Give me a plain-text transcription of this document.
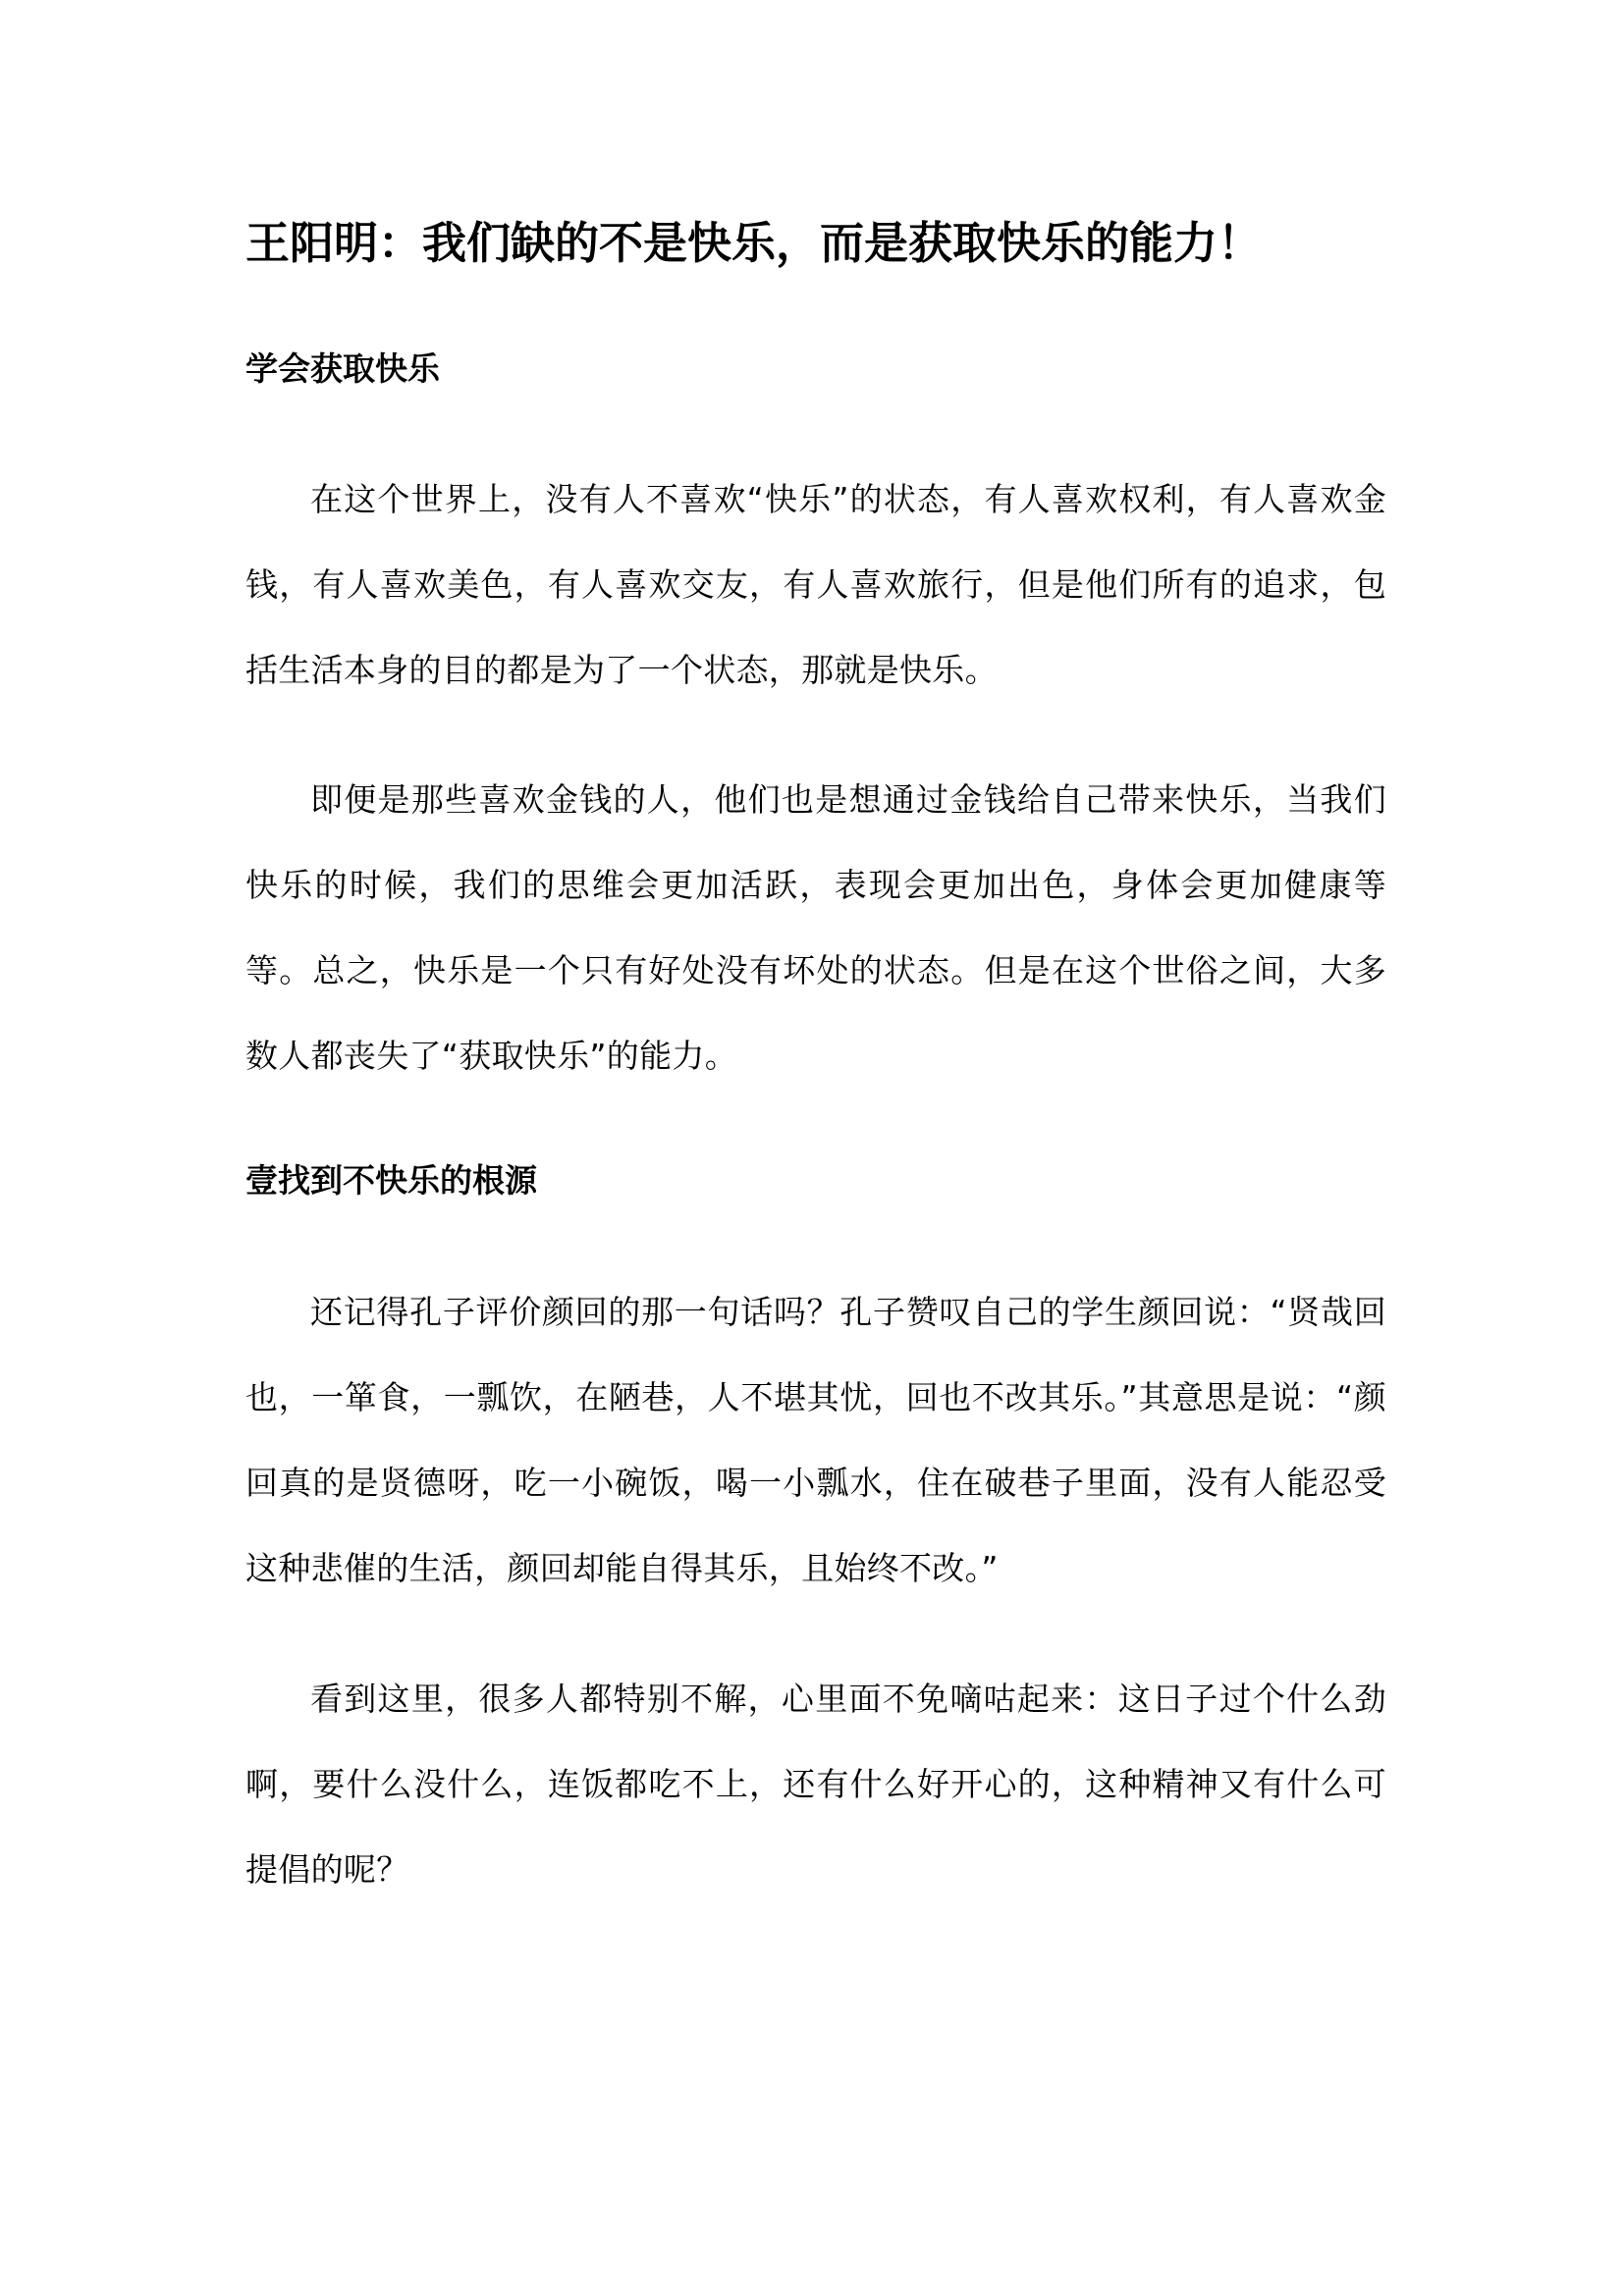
王阳明：我们缺的不是快乐，而是获取快乐的能力！
学会获取快乐

在这个世界上，没有人不喜欢“快乐”的状态，有人喜欢权利，有人喜欢金钱，有人喜欢美色，有人喜欢交友，有人喜欢旅行，但是他们所有的追求，包括生活本身的目的都是为了一个状态，那就是快乐。

即便是那些喜欢金钱的人，他们也是想通过金钱给自己带来快乐，当我们快乐的时候，我们的思维会更加活跃，表现会更加出色，身体会更加健康等等。总之，快乐是一个只有好处没有坏处的状态。但是在这个世俗之间，大多数人都丧失了“获取快乐”的能力。

壹找到不快乐的根源

还记得孔子评价颜回的那一句话吗？孔子赞叹自己的学生颜回说：“贤哉回也，一箪食，一瓢饮，在陋巷，人不堪其忧，回也不改其乐。”其意思是说：“颜回真的是贤德呀，吃一小碗饭，喝一小瓢水，住在破巷子里面，没有人能忍受这种悲催的生活，颜回却能自得其乐，且始终不改。”

看到这里，很多人都特别不解，心里面不免嘀咕起来：这日子过个什么劲啊，要什么没什么，连饭都吃不上，还有什么好开心的，这种精神又有什么可提倡的呢？
